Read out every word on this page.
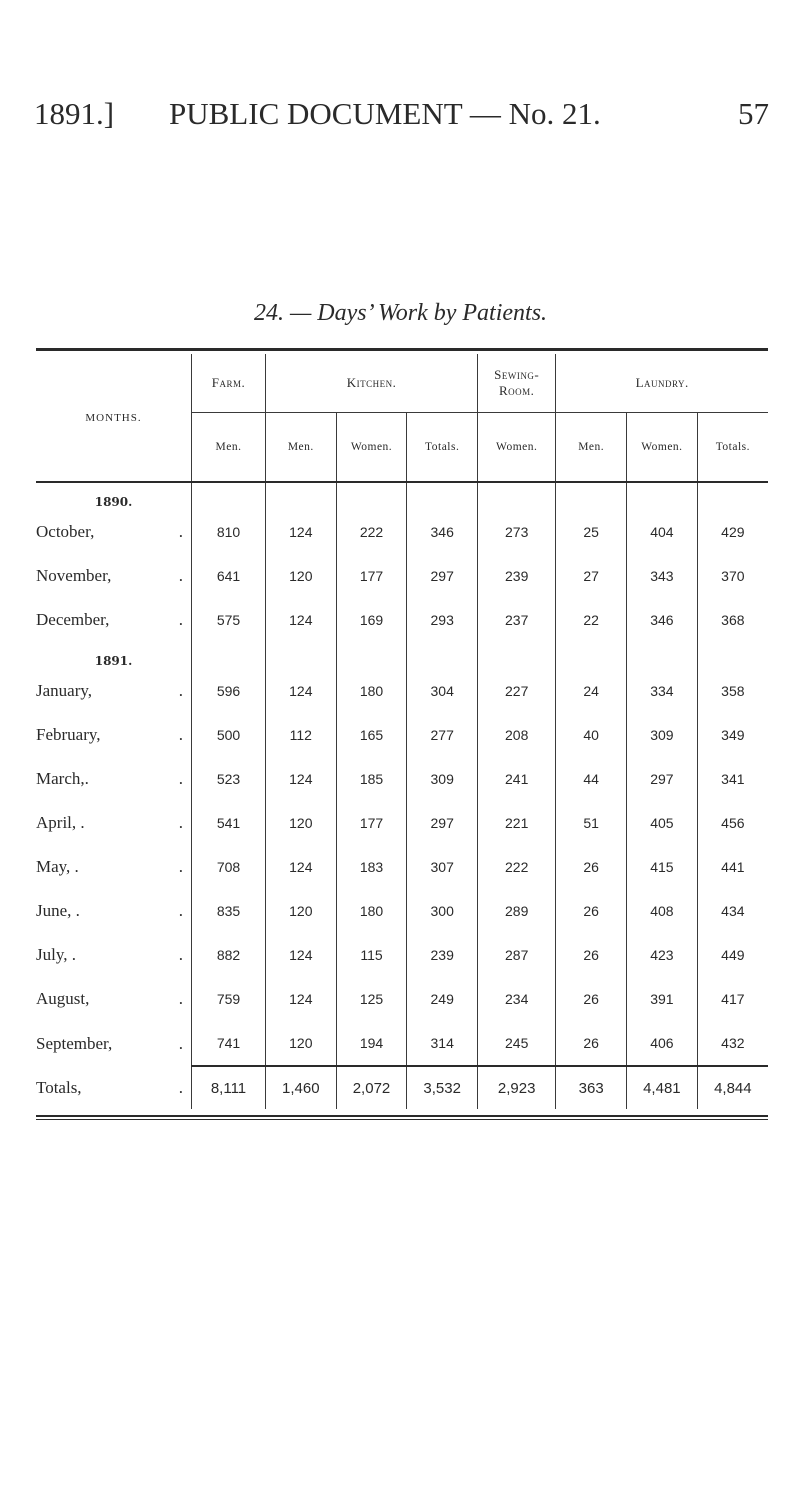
1891.] PUBLIC DOCUMENT — No. 21.	57
24. — Days’ Work by Patients.
MONTHS.	Farm.	Kitchen.			Sewing-Room.	Laundry.		
	Men.	Men.	Women.	Totals.	Women.	Men.	Women.	Totals.
1890.								
October, .	810	124	222	346	273	25	404	429
November, .	641	120	177	297	239	27	343	370
December, .	575	124	169	293	237	22	346	368
1891.								
January, .	596	124	180	304	227	24	334	358
February, .	500	112	165	277	208	40	309	349
March,. .	523	124	185	309	241	44	297	341
April, . .	541	120	177	297	221	51	405	456
May, . .	708	124	183	307	222	26	415	441
June, . .	835	120	180	300	289	26	408	434
July, . .	882	124	115	239	287	26	423	449
August, .	759	124	125	249	234	26	391	417
September, .	741	120	194	314	245	26	406	432
Totals, .	8,111	1,460	2,072	3,532	2,923	363	4,481	4,844
